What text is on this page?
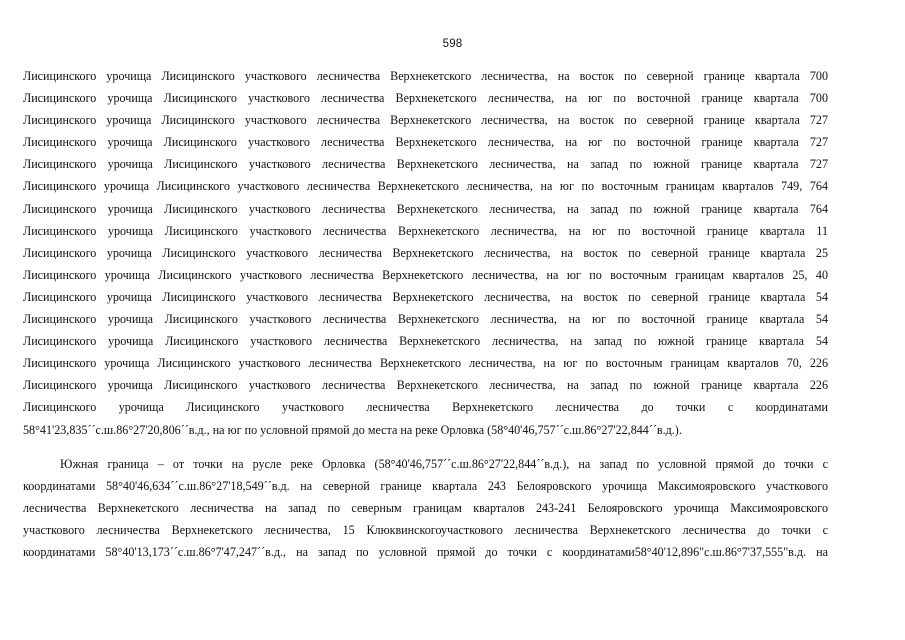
598
Лисицинского урочища Лисицинского участкового лесничества Верхнекетского лесничества, на восток по северной границе квартала 700
Лисицинского урочища Лисицинского участкового лесничества Верхнекетского лесничества, на юг по восточной границе квартала 700
Лисицинского урочища Лисицинского участкового лесничества Верхнекетского лесничества, на восток по северной границе квартала 727
Лисицинского урочища Лисицинского участкового лесничества Верхнекетского лесничества, на юг по восточной границе квартала 727
Лисицинского урочища Лисицинского участкового лесничества Верхнекетского лесничества, на запад по южной границе квартала 727
Лисицинского урочища Лисицинского участкового лесничества Верхнекетского лесничества, на юг по восточным границам кварталов 749, 764
Лисицинского урочища Лисицинского участкового лесничества Верхнекетского лесничества, на запад по южной границе квартала 764
Лисицинского урочища Лисицинского участкового лесничества Верхнекетского лесничества, на юг по восточной границе квартала 11
Лисицинского урочища Лисицинского участкового лесничества Верхнекетского лесничества, на восток по северной границе квартала 25
Лисицинского урочища Лисицинского участкового лесничества Верхнекетского лесничества, на юг по восточным границам кварталов 25, 40
Лисицинского урочища Лисицинского участкового лесничества Верхнекетского лесничества, на восток по северной границе квартала 54
Лисицинского урочища Лисицинского участкового лесничества Верхнекетского лесничества, на юг по восточной границе квартала 54
Лисицинского урочища Лисицинского участкового лесничества Верхнекетского лесничества, на запад по южной границе квартала 54
Лисицинского урочища Лисицинского участкового лесничества Верхнекетского лесничества, на юг по восточным границам кварталов 70, 226
Лисицинского урочища Лисицинского участкового лесничества Верхнекетского лесничества, на запад по южной границе квартала 226
Лисицинского урочища Лисицинского участкового лесничества Верхнекетского лесничества до точки с координатами
58°41'23,835´´с.ш.86°27'20,806´´в.д., на юг по условной прямой до места на реке Орловка (58°40'46,757´´с.ш.86°27'22,844´´в.д.).
Южная граница – от точки на русле реке Орловка (58°40'46,757´´с.ш.86°27'22,844´´в.д.), на запад по условной прямой до точки с
координатами 58°40'46,634´´с.ш.86°27'18,549´´в.д. на северной границе квартала 243 Белояровского урочища Максимояровского участкового
лесничества Верхнекетского лесничества на запад по северным границам кварталов 243-241 Белояровского урочища Максимояровского
участкового лесничества Верхнекетского лесничества, 15 Клюквинскогоучасткового лесничества Верхнекетского лесничества до точки с
координатами 58°40'13,173´´с.ш.86°7'47,247´´в.д., на запад по условной прямой до точки с координатами58°40'12,896"с.ш.86°7'37,555"в.д. на
